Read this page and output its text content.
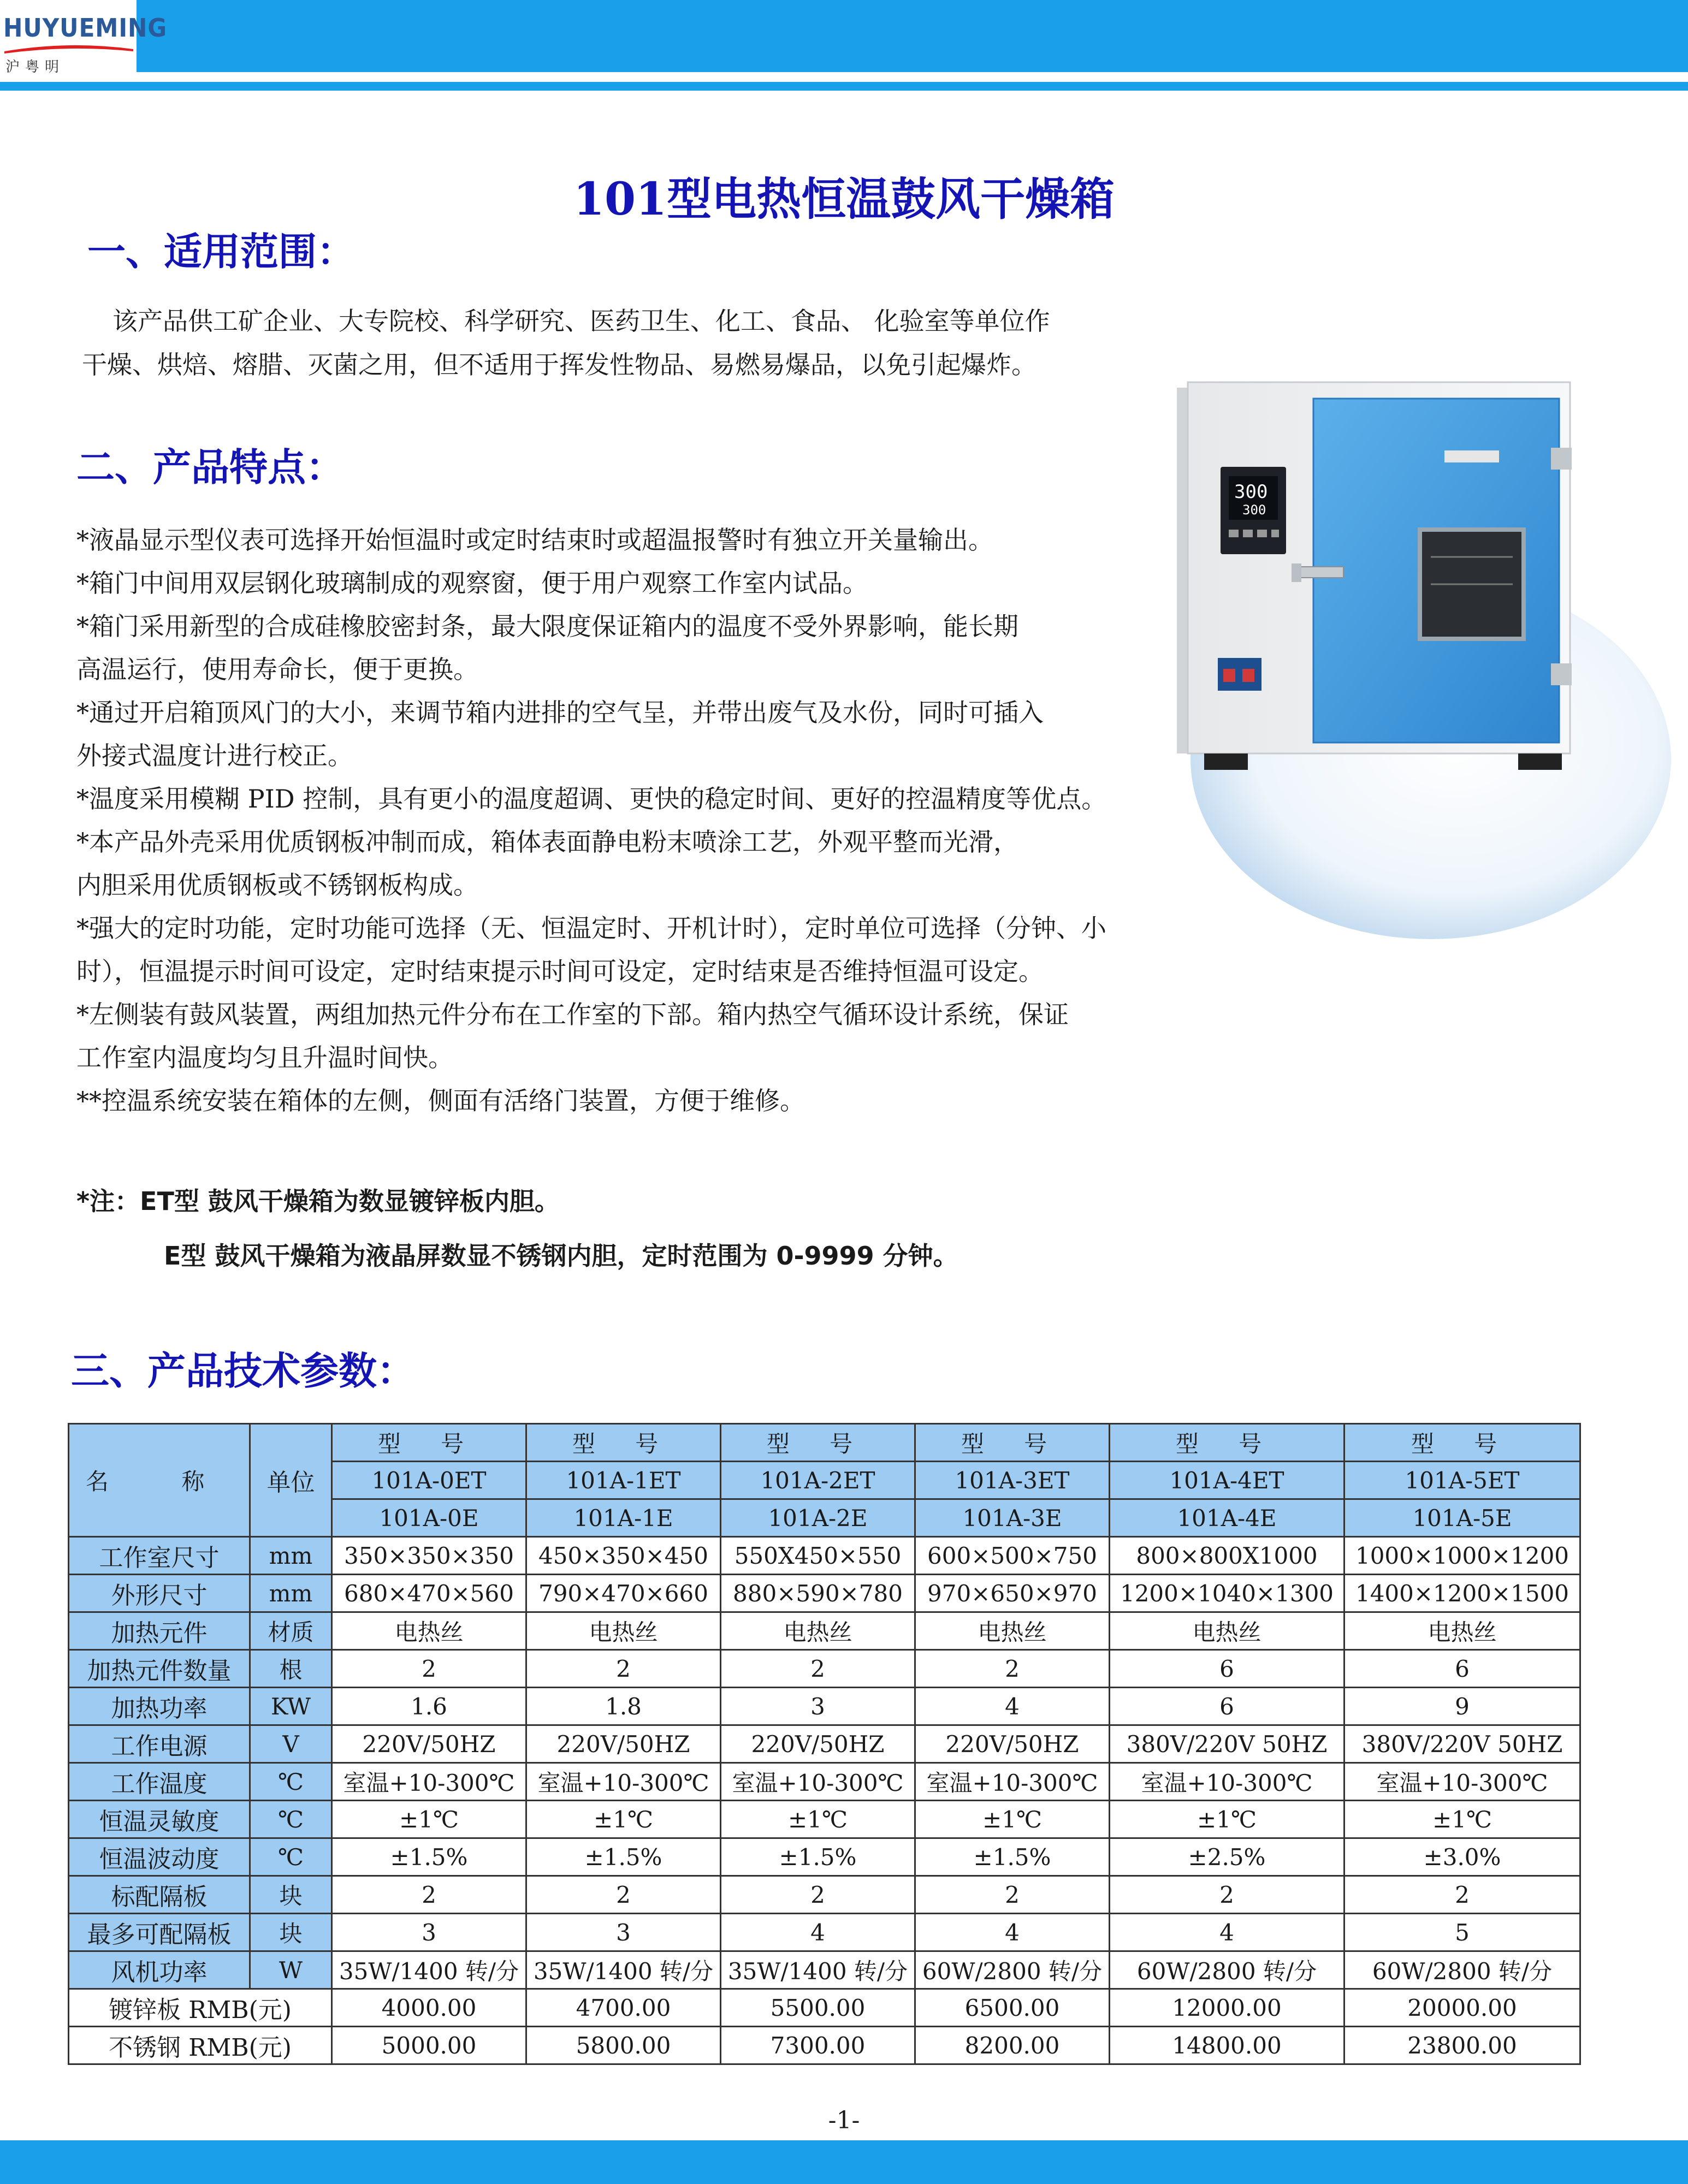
HUYUEMING
沪粤明
101型电热恒温鼓风干燥箱
一、适用范围：
该产品供工矿企业、大专院校、科学研究、医药卫生、化工、食品、 化验室等单位作
干燥、烘焙、熔腊、灭菌之用，但不适用于挥发性物品、易燃易爆品，以免引起爆炸。
二、产品特点：
*液晶显示型仪表可选择开始恒温时或定时结束时或超温报警时有独立开关量输出。
*箱门中间用双层钢化玻璃制成的观察窗，便于用户观察工作室内试品。
*箱门采用新型的合成硅橡胶密封条，最大限度保证箱内的温度不受外界影响，能长期
高温运行，使用寿命长，便于更换。
*通过开启箱顶风门的大小，来调节箱内进排的空气呈，并带出废气及水份，同时可插入
外接式温度计进行校正。
*温度采用模糊 PID 控制，具有更小的温度超调、更快的稳定时间、更好的控温精度等优点。
*本产品外壳采用优质钢板冲制而成，箱体表面静电粉末喷涂工艺，外观平整而光滑，
内胆采用优质钢板或不锈钢板构成。
*强大的定时功能，定时功能可选择（无、恒温定时、开机计时），定时单位可选择（分钟、小
时），恒温提示时间可设定，定时结束提示时间可设定，定时结束是否维持恒温可设定。
*左侧装有鼓风装置，两组加热元件分布在工作室的下部。箱内热空气循环设计系统，保证
工作室内温度均匀且升温时间快。
**控温系统安装在箱体的左侧，侧面有活络门装置，方便于维修。
*注：ET型 鼓风干燥箱为数显镀锌板内胆。
E型 鼓风干燥箱为液晶屏数显不锈钢内胆，定时范围为 0-9999 分钟。
300
300
三、产品技术参数：
名 称	单位	型 号	型 号	型 号	型 号	型 号	型 号
		101A-0ET	101A-1ET	101A-2ET	101A-3ET	101A-4ET	101A-5ET
		101A-0E	101A-1E	101A-2E	101A-3E	101A-4E	101A-5E
工作室尺寸	mm	350×350×350	450×350×450	550X450×550	600×500×750	800×800X1000	1000×1000×1200
外形尺寸	mm	680×470×560	790×470×660	880×590×780	970×650×970	1200×1040×1300	1400×1200×1500
加热元件	材质	电热丝	电热丝	电热丝	电热丝	电热丝	电热丝
加热元件数量	根	2	2	2	2	6	6
加热功率	KW	1.6	1.8	3	4	6	9
工作电源	V	220V/50HZ	220V/50HZ	220V/50HZ	220V/50HZ	380V/220V 50HZ	380V/220V 50HZ
工作温度	℃	室温+10-300℃	室温+10-300℃	室温+10-300℃	室温+10-300℃	室温+10-300℃	室温+10-300℃
恒温灵敏度	℃	±1℃	±1℃	±1℃	±1℃	±1℃	±1℃
恒温波动度	℃	±1.5%	±1.5%	±1.5%	±1.5%	±2.5%	±3.0%
标配隔板	块	2	2	2	2	2	2
最多可配隔板	块	3	3	4	4	4	5
风机功率	W	35W/1400 转/分	35W/1400 转/分	35W/1400 转/分	60W/2800 转/分	60W/2800 转/分	60W/2800 转/分
镀锌板 RMB(元)		4000.00	4700.00	5500.00	6500.00	12000.00	20000.00
不锈钢 RMB(元)		5000.00	5800.00	7300.00	8200.00	14800.00	23800.00
-1-
